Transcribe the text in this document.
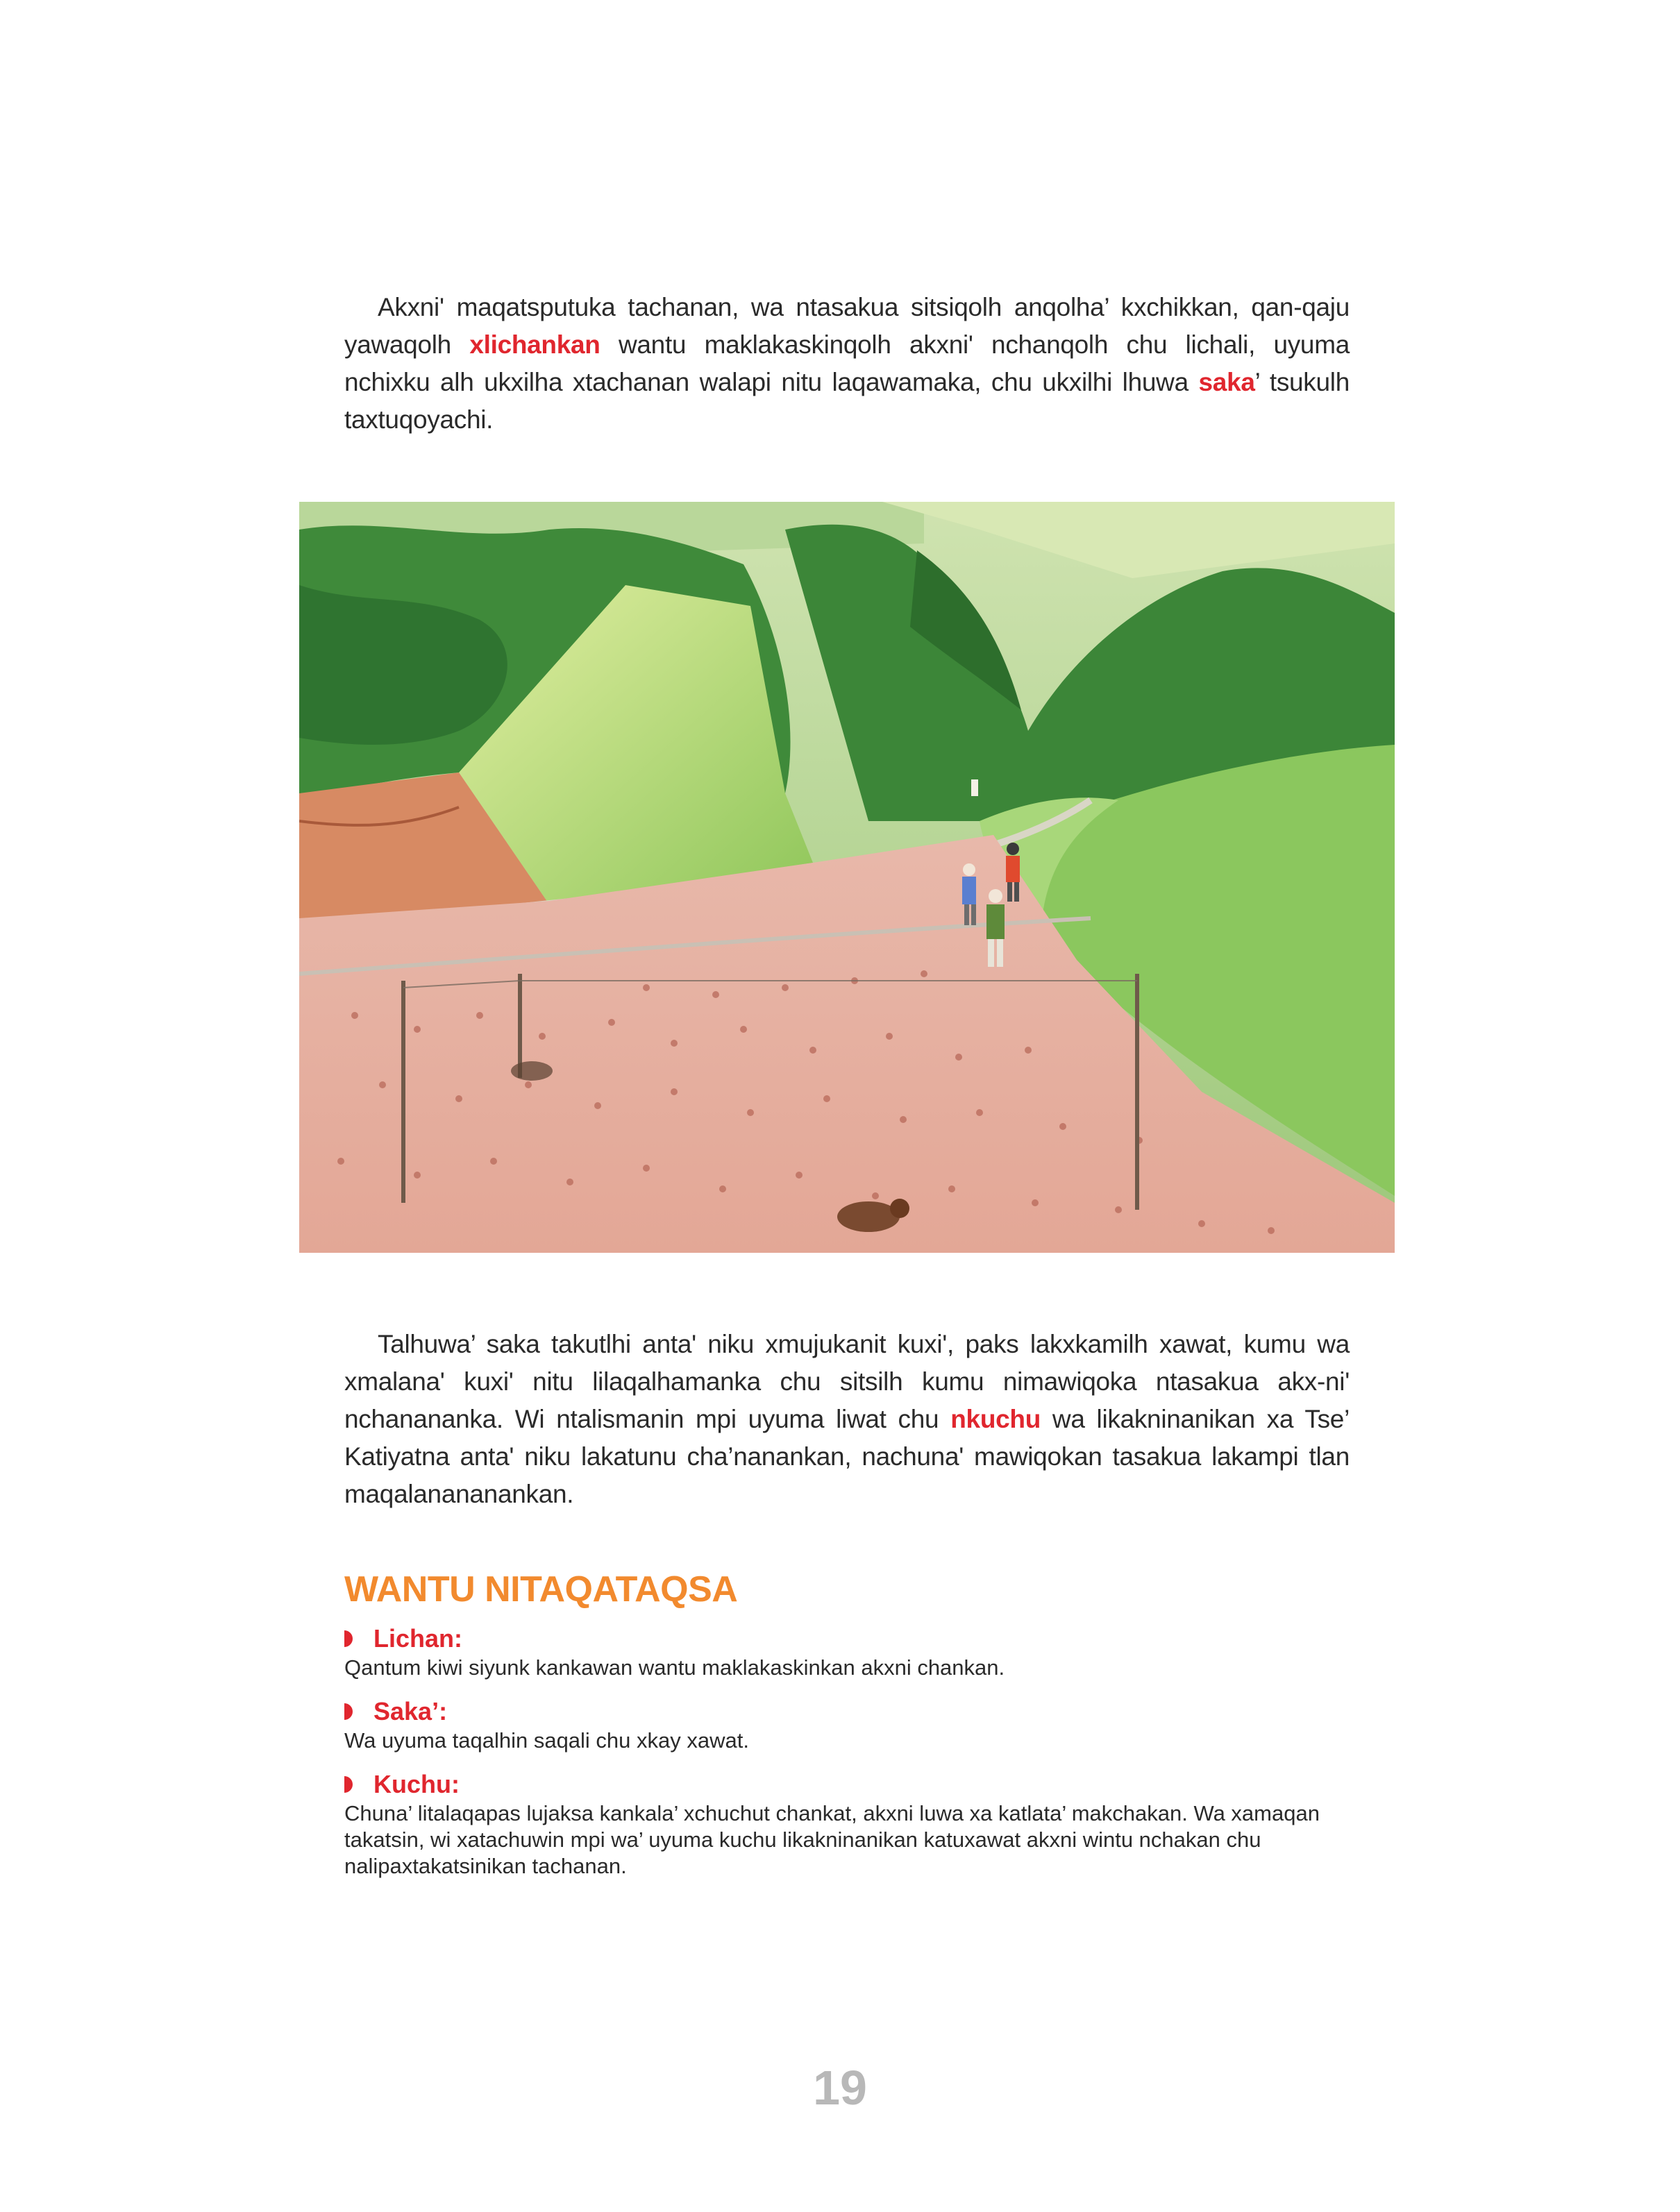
Akxni' maqatsputuka tachanan, wa ntasakua sitsiqolh anqolha’ kxchikkan, qan-qaju yawaqolh xlichankan wantu maklakaskinqolh akxni' nchanqolh chu lichali, uyuma nchixku alh ukxilha xtachanan walapi nitu laqawamaka, chu ukxilhi lhuwa saka’ tsukulh taxtuqoyachi.

Talhuwa’ saka takutlhi anta' niku xmujukanit kuxi', paks lakxkamilh xawat, kumu wa xmalana' kuxi' nitu lilaqalhamanka chu sitsilh kumu nimawiqoka ntasakua akx-ni' nchanananka. Wi ntalismanin mpi uyuma liwat chu nkuchu wa likakninanikan xa Tse’ Katiyatna anta' niku lakatunu cha’nanankan, nachuna' mawiqokan tasakua lakampi tlan maqalanananankan.

WANTU NITAQATAQSA
Lichan:
Qantum kiwi siyunk kankawan wantu maklakaskinkan akxni chankan.
Saka’:
Wa uyuma taqalhin saqali chu xkay xawat.
Kuchu:
Chuna’ litalaqapas lujaksa kankala’ xchuchut chankat, akxni luwa xa katlata’ makchakan. Wa xamaqan takatsin, wi xatachuwin mpi wa’ uyuma kuchu likakninanikan katuxawat akxni wintu nchakan chu nalipaxtakatsinikan tachanan.
19
